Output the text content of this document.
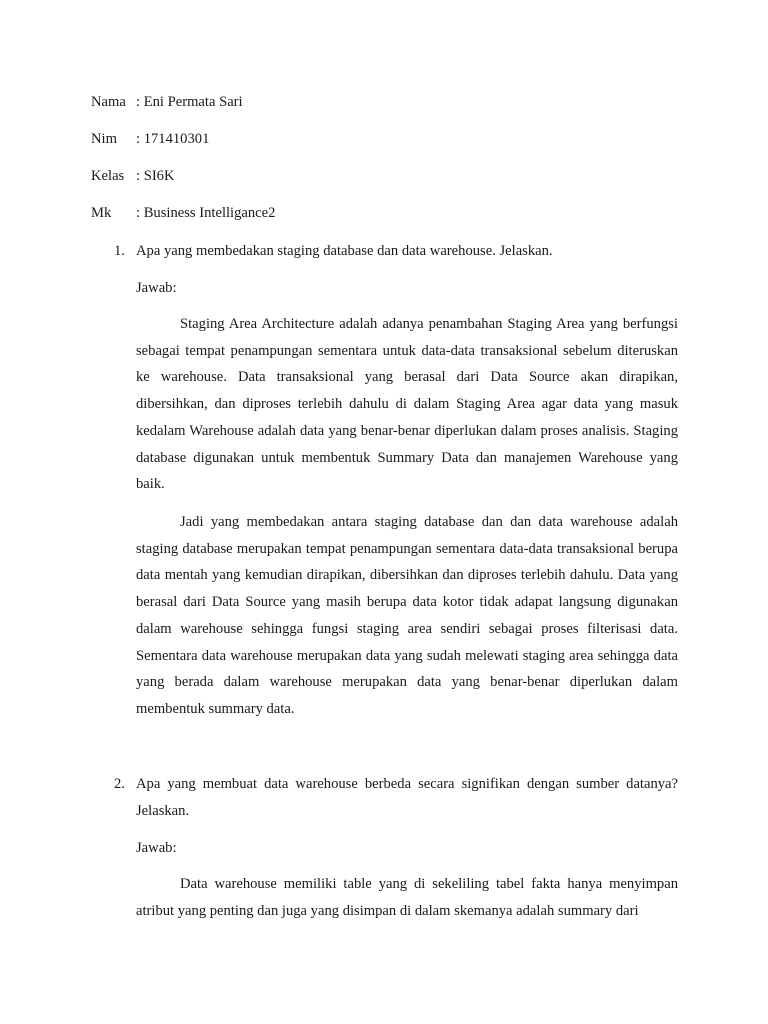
Nama : Eni Permata Sari
Nim : 171410301
Kelas : SI6K
Mk : Business Intelligance2
1. Apa yang membedakan staging database dan data warehouse. Jelaskan.
Jawab:

Staging Area Architecture adalah adanya penambahan Staging Area yang berfungsi sebagai tempat penampungan sementara untuk data-data transaksional sebelum diteruskan ke warehouse. Data transaksional yang berasal dari Data Source akan dirapikan, dibersihkan, dan diproses terlebih dahulu di dalam Staging Area agar data yang masuk kedalam Warehouse adalah data yang benar-benar diperlukan dalam proses analisis. Staging database digunakan untuk membentuk Summary Data dan manajemen Warehouse yang baik.

Jadi yang membedakan antara staging database dan dan data warehouse adalah staging database merupakan tempat penampungan sementara data-data transaksional berupa data mentah yang kemudian dirapikan, dibersihkan dan diproses terlebih dahulu. Data yang berasal dari Data Source yang masih berupa data kotor tidak adapat langsung digunakan dalam warehouse sehingga fungsi staging area sendiri sebagai proses filterisasi data. Sementara data warehouse merupakan data yang sudah melewati staging area sehingga data yang berada dalam warehouse merupakan data yang benar-benar diperlukan dalam membentuk summary data.

2. Apa yang membuat data warehouse berbeda secara signifikan dengan sumber datanya? Jelaskan.
Jawab:

Data warehouse memiliki table yang di sekeliling tabel fakta hanya menyimpan atribut yang penting dan juga yang disimpan di dalam skemanya adalah summary dari
